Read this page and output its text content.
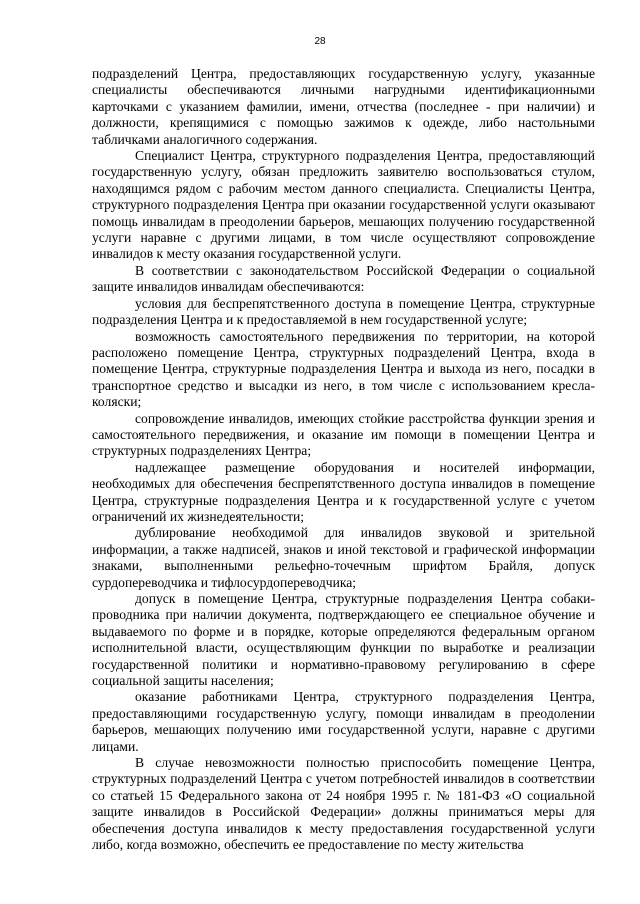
28

подразделений Центра, предоставляющих государственную услугу, указанные специалисты обеспечиваются личными нагрудными идентификационными карточками с указанием фамилии, имени, отчества (последнее - при наличии) и должности, крепящимися с помощью зажимов к одежде, либо настольными табличками аналогичного содержания.

Специалист Центра, структурного подразделения Центра, предоставляющий государственную услугу, обязан предложить заявителю воспользоваться стулом, находящимся рядом с рабочим местом данного специалиста. Специалисты Центра, структурного подразделения Центра при оказании государственной услуги оказывают помощь инвалидам в преодолении барьеров, мешающих получению государственной услуги наравне с другими лицами, в том числе осуществляют сопровождение инвалидов к месту оказания государственной услуги.

В соответствии с законодательством Российской Федерации о социальной защите инвалидов инвалидам обеспечиваются:

условия для беспрепятственного доступа в помещение Центра, структурные подразделения Центра и к предоставляемой в нем государственной услуге;

возможность самостоятельного передвижения по территории, на которой расположено помещение Центра, структурных подразделений Центра, входа в помещение Центра, структурные подразделения Центра и выхода из него, посадки в транспортное средство и высадки из него, в том числе с использованием кресла-коляски;

сопровождение инвалидов, имеющих стойкие расстройства функции зрения и самостоятельного передвижения, и оказание им помощи в помещении Центра и структурных подразделениях Центра;

надлежащее размещение оборудования и носителей информации, необходимых для обеспечения беспрепятственного доступа инвалидов в помещение Центра, структурные подразделения Центра и к государственной услуге с учетом ограничений их жизнедеятельности;

дублирование необходимой для инвалидов звуковой и зрительной информации, а также надписей, знаков и иной текстовой и графической информации знаками, выполненными рельефно-точечным шрифтом Брайля, допуск сурдопереводчика и тифлосурдопереводчика;

допуск в помещение Центра, структурные подразделения Центра собаки-проводника при наличии документа, подтверждающего ее специальное обучение и выдаваемого по форме и в порядке, которые определяются федеральным органом исполнительной власти, осуществляющим функции по выработке и реализации государственной политики и нормативно-правовому регулированию в сфере социальной защиты населения;

оказание работниками Центра, структурного подразделения Центра, предоставляющими государственную услугу, помощи инвалидам в преодолении барьеров, мешающих получению ими государственной услуги, наравне с другими лицами.

В случае невозможности полностью приспособить помещение Центра, структурных подразделений Центра с учетом потребностей инвалидов в соответствии со статьей 15 Федерального закона от 24 ноября 1995 г. № 181-ФЗ «О социальной защите инвалидов в Российской Федерации» должны приниматься меры для обеспечения доступа инвалидов к месту предоставления государственной услуги либо, когда возможно, обеспечить ее предоставление по месту жительства
